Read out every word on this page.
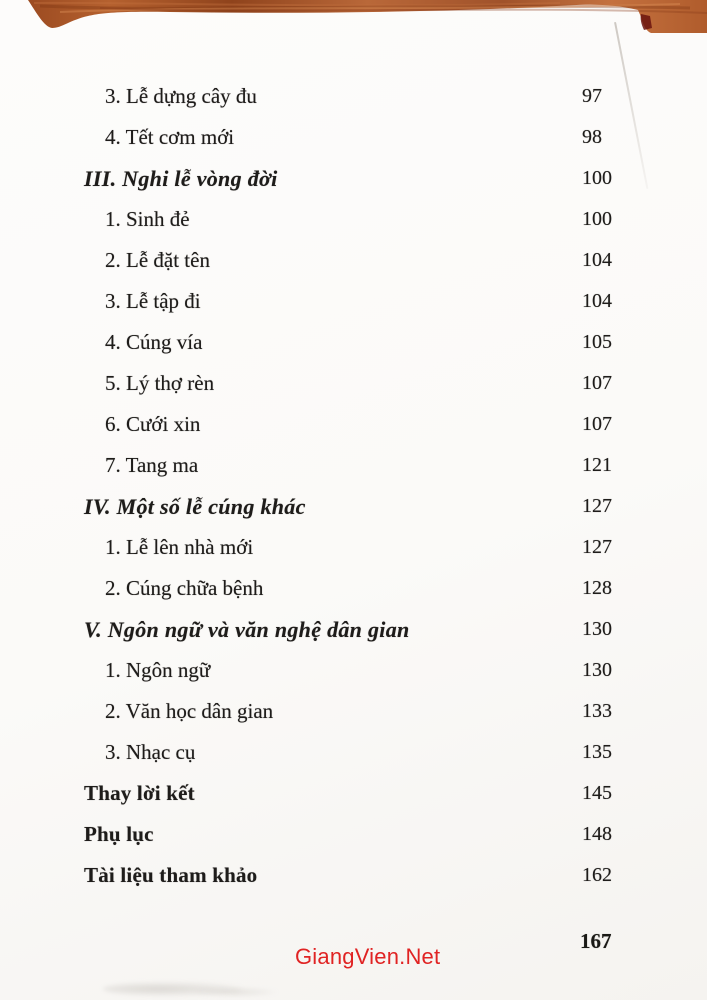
3. Lễ dựng cây đu	97
4. Tết cơm mới	98
III. Nghi lễ vòng đời	100
1. Sinh đẻ	100
2. Lễ đặt tên	104
3. Lễ tập đi	104
4. Cúng vía	105
5. Lý thợ rèn	107
6. Cưới xin	107
7. Tang ma	121
IV. Một số lễ cúng khác	127
1. Lễ lên nhà mới	127
2. Cúng chữa bệnh	128
V. Ngôn ngữ và văn nghệ dân gian	130
1. Ngôn ngữ	130
2. Văn học dân gian	133
3. Nhạc cụ	135
Thay lời kết	145
Phụ lục	148
Tài liệu tham khảo	162
GiangVien.Net
167
